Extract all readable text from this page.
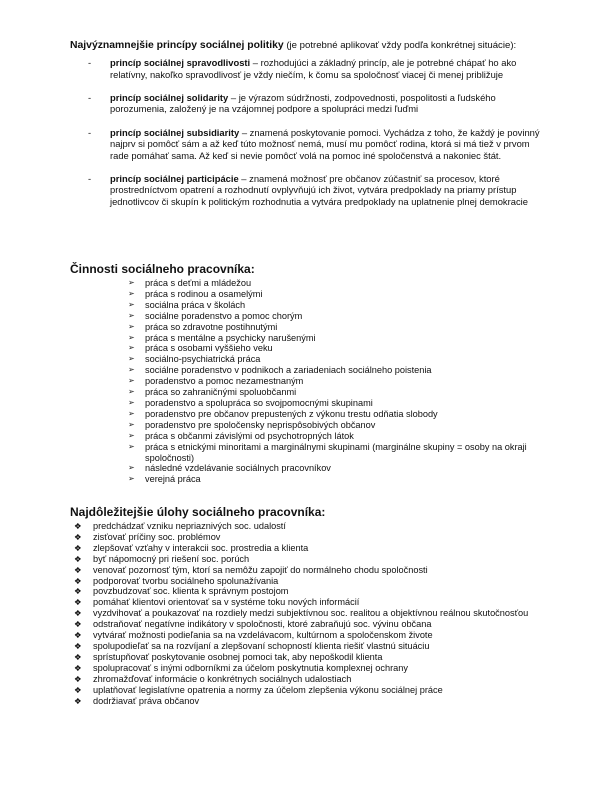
Najvýznamnejšie princípy sociálnej politiky (je potrebné aplikovať vždy podľa konkrétnej situácie):
- princíp sociálnej spravodlivosti – rozhodujúci a základný princíp, ale je potrebné chápať ho ako relatívny, nakoľko spravodlivosť je vždy niečím, k čomu sa spoločnosť viacej či menej približuje
- princíp sociálnej solidarity – je výrazom súdržnosti, zodpovednosti, pospolitosti a ľudského porozumenia, založený je na vzájomnej podpore a spolupráci medzi ľuďmi
- princíp sociálnej subsidiarity – znamená poskytovanie pomoci. Vychádza z toho, že každý je povinný najprv si pomôcť sám a až keď túto možnosť nemá, musí mu pomôcť rodina, ktorá si má tiež v prvom rade pomáhať sama. Až keď si nevie pomôcť volá na pomoc iné spoločenstvá a nakoniec štát.
- princíp sociálnej participácie – znamená možnosť pre občanov zúčastniť sa procesov, ktoré prostredníctvom opatrení a rozhodnutí ovplyvňujú ich život, vytvára predpoklady na priamy prístup jednotlivcov či skupín k politickým rozhodnutia a vytvára predpoklady na uplatnenie plnej demokracie
Činnosti sociálneho pracovníka:
➢ práca s deťmi a mládežou
➢ práca s rodinou a osamelými
➢ sociálna práca v školách
➢ sociálne poradenstvo a pomoc chorým
➢ práca so zdravotne postihnutými
➢ práca s mentálne a psychicky narušenými
➢ práca s osobami vyššieho veku
➢ sociálno-psychiatrická práca
➢ sociálne poradenstvo v podnikoch a zariadeniach sociálneho poistenia
➢ poradenstvo a pomoc nezamestnaným
➢ práca so zahraničnými spoluobčanmi
➢ poradenstvo a spolupráca so svojpomocnými skupinami
➢ poradenstvo pre občanov prepustených z výkonu trestu odňatia slobody
➢ poradenstvo pre spoločensky neprispôsobivých občanov
➢ práca s občanmi závislými od psychotropných látok
➢ práca s etnickými minoritami a marginálnymi skupinami (marginálne skupiny = osoby na okraji spoločnosti)
➢ následné vzdelávanie sociálnych pracovníkov
➢ verejná práca
Najdôležitejšie úlohy sociálneho pracovníka:
❖ predchádzať vzniku nepriaznivých soc. udalostí
❖ zisťovať príčiny soc. problémov
❖ zlepšovať vzťahy v interakcii soc. prostredia a klienta
❖ byť nápomocný pri riešení soc. porúch
❖ venovať pozornosť tým, ktorí sa nemôžu zapojiť do normálneho chodu spoločnosti
❖ podporovať tvorbu sociálneho spolunažívania
❖ povzbudzovať soc. klienta k správnym postojom
❖ pomáhať klientovi orientovať sa v systéme toku nových informácií
❖ vyzdvihovať a poukazovať na rozdiely medzi subjektívnou soc. realitou a objektívnou reálnou skutočnosťou
❖ odstraňovať negatívne indikátory v spoločnosti, ktoré zabraňujú soc. vývinu občana
❖ vytvárať možnosti podieľania sa na vzdelávacom, kultúrnom a spoločenskom živote
❖ spolupodieľať sa na rozvíjaní a zlepšovaní schopností klienta riešiť vlastnú situáciu
❖ sprístupňovať poskytovanie osobnej pomoci tak, aby nepoškodil klienta
❖ spolupracovať s inými odborníkmi za účelom poskytnutia komplexnej ochrany
❖ zhromažďovať informácie o konkrétnych sociálnych udalostiach
❖ uplatňovať legislatívne opatrenia a normy za účelom zlepšenia výkonu sociálnej práce
❖ dodržiavať práva občanov
